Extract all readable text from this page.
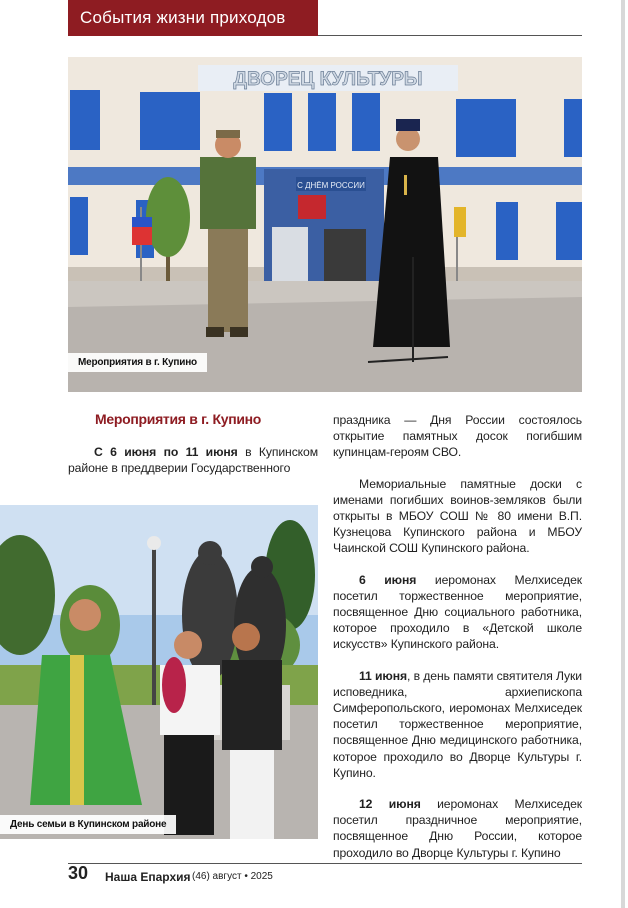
События жизни приходов
ДВОРЕЦ КУЛЬТУРЫ
С ДНЁМ РОССИИ
Мероприятия в г. Купино
Мероприятия в г. Купино

С 6 июня по 11 июня в Купинском районе в преддверии Государственного

День семьи в Купинском районе

праздника — Дня России состоялось открытие памятных досок погибшим купинцам-героям СВО.

Мемориальные памятные доски с именами погибших воинов-земляков были открыты в МБОУ СОШ № 80 имени В.П. Кузнецова Купинского района и МБОУ Чаинской СОШ Купинского района.

6 июня иеромонах Мелхиседек посетил торжественное мероприятие, посвященное Дню социального работника, которое проходило в «Детской школе искусств» Купинского района.

11 июня, в день памяти святителя Луки исповедника, архиепископа Симферопольского, иеромонах Мелхиседек посетил торжественное мероприятие, посвященное Дню медицинского работника, которое проходило во Дворце Культуры г. Купино.

12 июня иеромонах Мелхиседек посетил праздничное мероприятие, посвященное Дню России, которое проходило во Дворце Культуры г. Купино

30 Наша Епархия (46) август • 2025
